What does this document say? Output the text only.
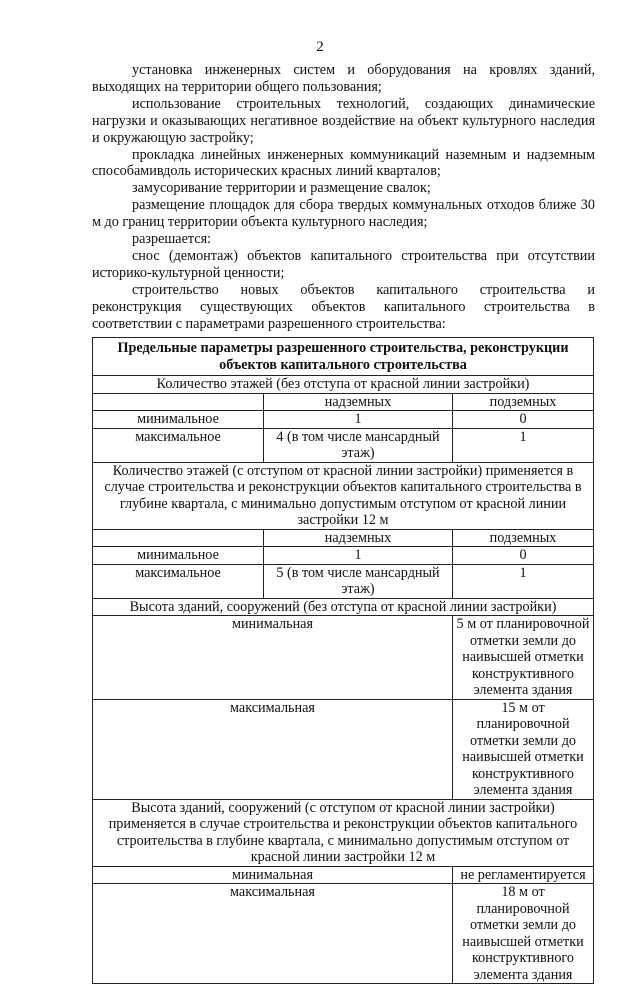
2

установка инженерных систем и оборудования на кровлях зданий, выходящих на территории общего пользования;

использование строительных технологий, создающих динамические нагрузки и оказывающих негативное воздействие на объект культурного наследия и окружающую застройку;

прокладка линейных инженерных коммуникаций наземным и надземным способамивдоль исторических красных линий кварталов;

замусоривание территории и размещение свалок;

размещение площадок для сбора твердых коммунальных отходов ближе 30 м до границ территории объекта культурного наследия;

разрешается:

снос (демонтаж) объектов капитального строительства при отсутствии историко-культурной ценности;

строительство новых объектов капитального строительства и реконструкция существующих объектов капитального строительства в соответствии с параметрами разрешенного строительства:

Предельные параметры разрешенного строительства, реконструкции объектов капитального строительства		
Количество этажей (без отступа от красной линии застройки)		
	надземных	подземных
минимальное	1	0
максимальное	4 (в том числе мансардный этаж)	1
Количество этажей (с отступом от красной линии застройки) применяется в случае строительства и реконструкции объектов капитального строительства в глубине квартала, с минимально допустимым отступом от красной линии застройки 12 м		
	надземных	подземных
минимальное	1	0
максимальное	5 (в том числе мансардный этаж)	1
Высота зданий, сооружений (без отступа от красной линии застройки)		
минимальная		5 м от планировочной отметки земли до наивысшей отметки конструктивного элемента здания
максимальная		15 м от планировочной отметки земли до наивысшей отметки конструктивного элемента здания
Высота зданий, сооружений (с отступом от красной линии застройки) применяется в случае строительства и реконструкции объектов капитального строительства в глубине квартала, с минимально допустимым отступом от красной линии застройки 12 м		
минимальная		не регламентируется
максимальная		18 м от планировочной отметки земли до наивысшей отметки конструктивного элемента здания
